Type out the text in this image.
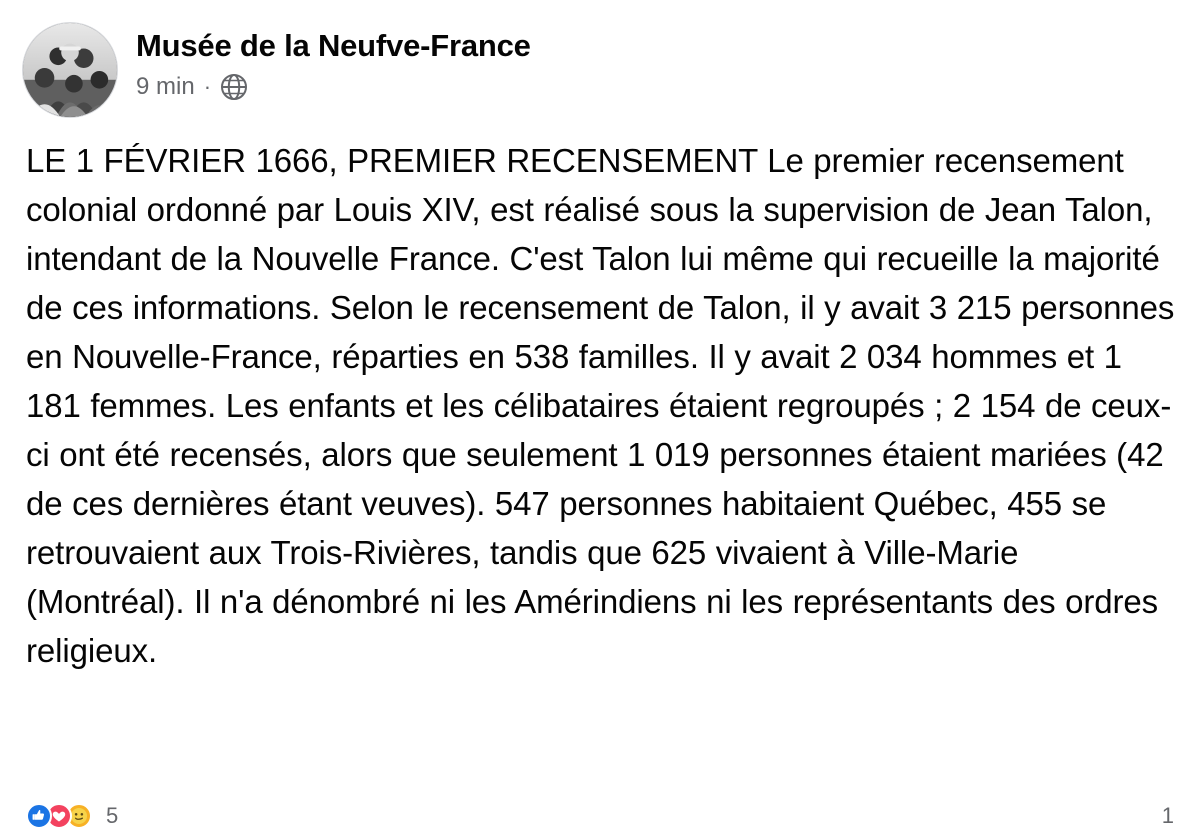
Musée de la Neufve-France
9 min ·
LE 1 FÉVRIER 1666, PREMIER RECENSEMENT Le premier recensement colonial ordonné par Louis XIV, est réalisé sous la supervision de Jean Talon, intendant de la Nouvelle France. C'est Talon lui même qui recueille la majorité de ces informations. Selon le recensement de Talon, il y avait 3 215 personnes en Nouvelle-France, réparties en 538 familles. Il y avait 2 034 hommes et 1 181 femmes. Les enfants et les célibataires étaient regroupés ; 2 154 de ceux-ci ont été recensés, alors que seulement 1 019 personnes étaient mariées (42 de ces dernières étant veuves). 547 personnes habitaient Québec, 455 se retrouvaient aux Trois-Rivières, tandis que 625 vivaient à Ville-Marie (Montréal). Il n'a dénombré ni les Amérindiens ni les représentants des ordres religieux.
5	1
